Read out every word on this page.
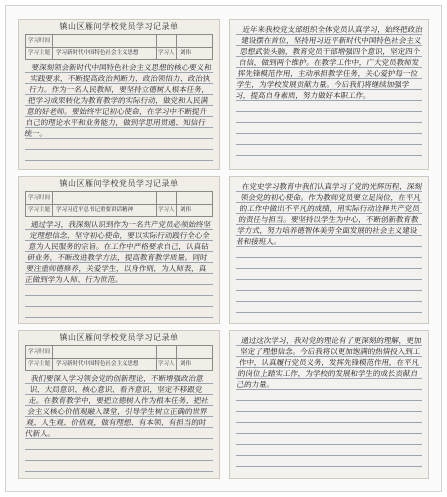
镇山区雁问学校党员学习记录单
学习时间
学习主题 学习新时代中国特色社会主义思想	学习人 刘伟
要深刻领会新时代中国特色社会主义思想的核心要义和实践要求，不断提高政治判断力、政治领悟力、政治执行力。作为一名人民教师，要坚持立德树人根本任务，把学习成果转化为教育教学的实际行动，做党和人民满意的好老师。要始终牢记初心使命，在学习中不断提升自己的理论水平和业务能力，做到学思用贯通、知信行统一。
镇山区雁问学校党员学习记录单
学习时间
学习主题 学习习近平总书记重要讲话精神	学习人 刘伟
通过学习，我深刻认识到作为一名共产党员必须始终坚定理想信念，坚守初心使命，要以实际行动践行全心全意为人民服务的宗旨。在工作中严格要求自己，认真钻研业务，不断改进教学方法，提高教育教学质量。同时要注重师德修养，关爱学生，以身作则，为人师表，真正做到学为人师、行为世范。
镇山区雁问学校党员学习记录单
学习时间
学习主题 学习新时代中国特色社会主义思想	学习人 刘伟
我们要深入学习领会党的创新理论，不断增强政治意识、大局意识、核心意识、看齐意识，坚定不移跟党走。在教育教学中，要把立德树人作为根本任务，把社会主义核心价值观融入课堂，引导学生树立正确的世界观、人生观、价值观，做有理想、有本领、有担当的时代新人。
近年来我校党支部组织全体党员认真学习，始终把政治建设摆在首位，坚持用习近平新时代中国特色社会主义思想武装头脑，教育党员干部增强四个意识，坚定四个自信，做到两个维护。在教学工作中，广大党员教师发挥先锋模范作用，主动承担教学任务，关心爱护每一位学生，为学校发展贡献力量。今后我们将继续加强学习，提高自身素质，努力做好本职工作。
在党史学习教育中我们认真学习了党的光辉历程，深刻领会党的初心使命。作为教师党员要立足岗位，在平凡的工作中做出不平凡的成绩，用实际行动诠释共产党员的责任与担当。要坚持以学生为中心，不断创新教育教学方式，努力培养德智体美劳全面发展的社会主义建设者和接班人。
通过这次学习，我对党的理论有了更深刻的理解，更加坚定了理想信念。今后我将以更加饱满的热情投入到工作中，认真履行党员义务，发挥先锋模范作用，在平凡的岗位上踏实工作，为学校的发展和学生的成长贡献自己的力量。
